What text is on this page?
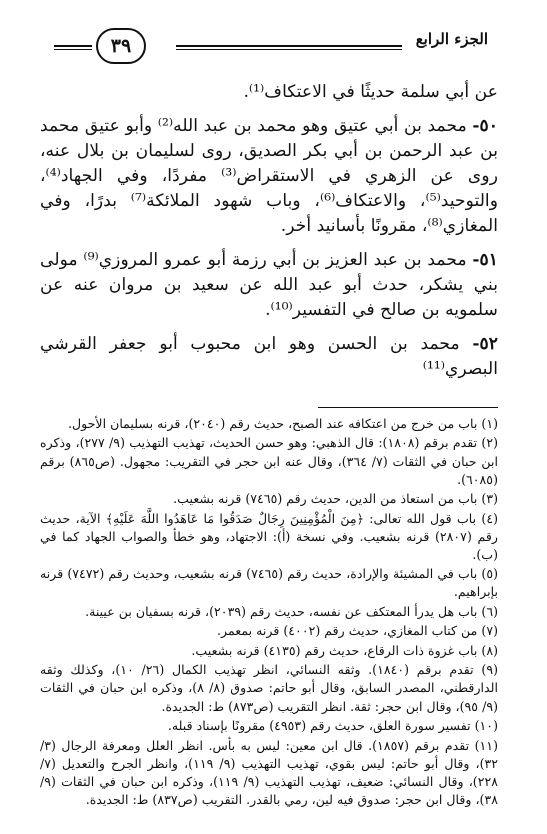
٣٩	الجزء الرابع

عن أبي سلمة حديثًا في الاعتكاف⁽¹⁾.

٥٠- محمد بن أبي عتيق وهو محمد بن عبد الله⁽²⁾ وأبو عتيق محمد بن عبد الرحمن بن أبي بكر الصديق، روى لسليمان بن بلال عنه، روى عن الزهري في الاستقراض⁽³⁾ مفردًا، وفي الجهاد⁽⁴⁾، والتوحيد⁽⁵⁾، والاعتكاف⁽⁶⁾، وباب شهود الملائكة⁽⁷⁾ بدرًا، وفي المغازي⁽⁸⁾، مقرونًا بأسانيد أخر.

٥١- محمد بن عبد العزيز بن أبي رزمة أبو عمرو المروزي⁽⁹⁾ مولى بني يشكر، حدث أبو عبد الله عن سعيد بن مروان عنه عن سلمويه بن صالح في التفسير⁽¹⁰⁾.

٥٢- محمد بن الحسن وهو ابن محبوب أبو جعفر القرشي البصري⁽¹¹⁾

(١) باب من خرج من اعتكافه عند الصبح، حديث رقم (٢٠٤٠)، قرنه بسليمان الأحول.
(٢) تقدم برقم (١٨٠٨): قال الذهبي: وهو حسن الحديث، تهذيب التهذيب (٩/ ٢٧٧)، وذكره ابن حبان في الثقات (٧/ ٣٦٤)، وقال عنه ابن حجر في التقريب: مجهول. (ص٨٦٥) برقم (٦٠٨٥).
(٣) باب من استعاذ من الدين، حديث رقم (٧٤٦٥) قرنه بشعيب.
(٤) باب قول الله تعالى: ﴿مِنَ الْمُؤْمِنِينَ رِجَالٌ صَدَقُوا مَا عَاهَدُوا اللَّهَ عَلَيْهِ﴾ الآية، حديث رقم (٢٨٠٧) قرنه بشعيب. وفي نسخة (أ): الاجتهاد، وهو خطأ والصواب الجهاد كما في (ب).
(٥) باب في المشيئة والإرادة، حديث رقم (٧٤٦٥) قرنه بشعيب، وحديث رقم (٧٤٧٢) قرنه بإبراهيم.
(٦) باب هل يدرأ المعتكف عن نفسه، حديث رقم (٢٠٣٩)، قرنه بسفيان بن عيينة.
(٧) من كتاب المغازي، حديث رقم (٤٠٠٢) قرنه بمعمر.
(٨) باب غزوة ذات الرقاع، حديث رقم (٤١٣٥) قرنه بشعيب.
(٩) تقدم برقم (١٨٤٠). وثقه النسائي، انظر تهذيب الكمال (٢٦/ ١٠)، وكذلك وثقه الدارقطني، المصدر السابق، وقال أبو حاتم: صدوق (٨/ ٨)، وذكره ابن حبان في الثقات (٩/ ٩٥)، وقال ابن حجر: ثقة. انظر التقريب (ص٨٧٣) ط: الجديدة.
(١٠) تفسير سورة العلق، حديث رقم (٤٩٥٣) مقرونًا بإسناد قبله.
(١١) تقدم برقم (١٨٥٧). قال ابن معين: ليس به بأس. انظر العلل ومعرفة الرجال (٣/ ٣٢)، وقال أبو حاتم: ليس بقوي، تهذيب التهذيب (٩/ ١١٩)، وانظر الجرح والتعديل (٧/ ٢٢٨)، وقال النسائي: ضعيف، تهذيب التهذيب (٩/ ١١٩)، وذكره ابن حبان في الثقات (٩/ ٣٨)، وقال ابن حجر: صدوق فيه لين، رمي بالقدر. التقريب (ص٨٣٧) ط: الجديدة.
